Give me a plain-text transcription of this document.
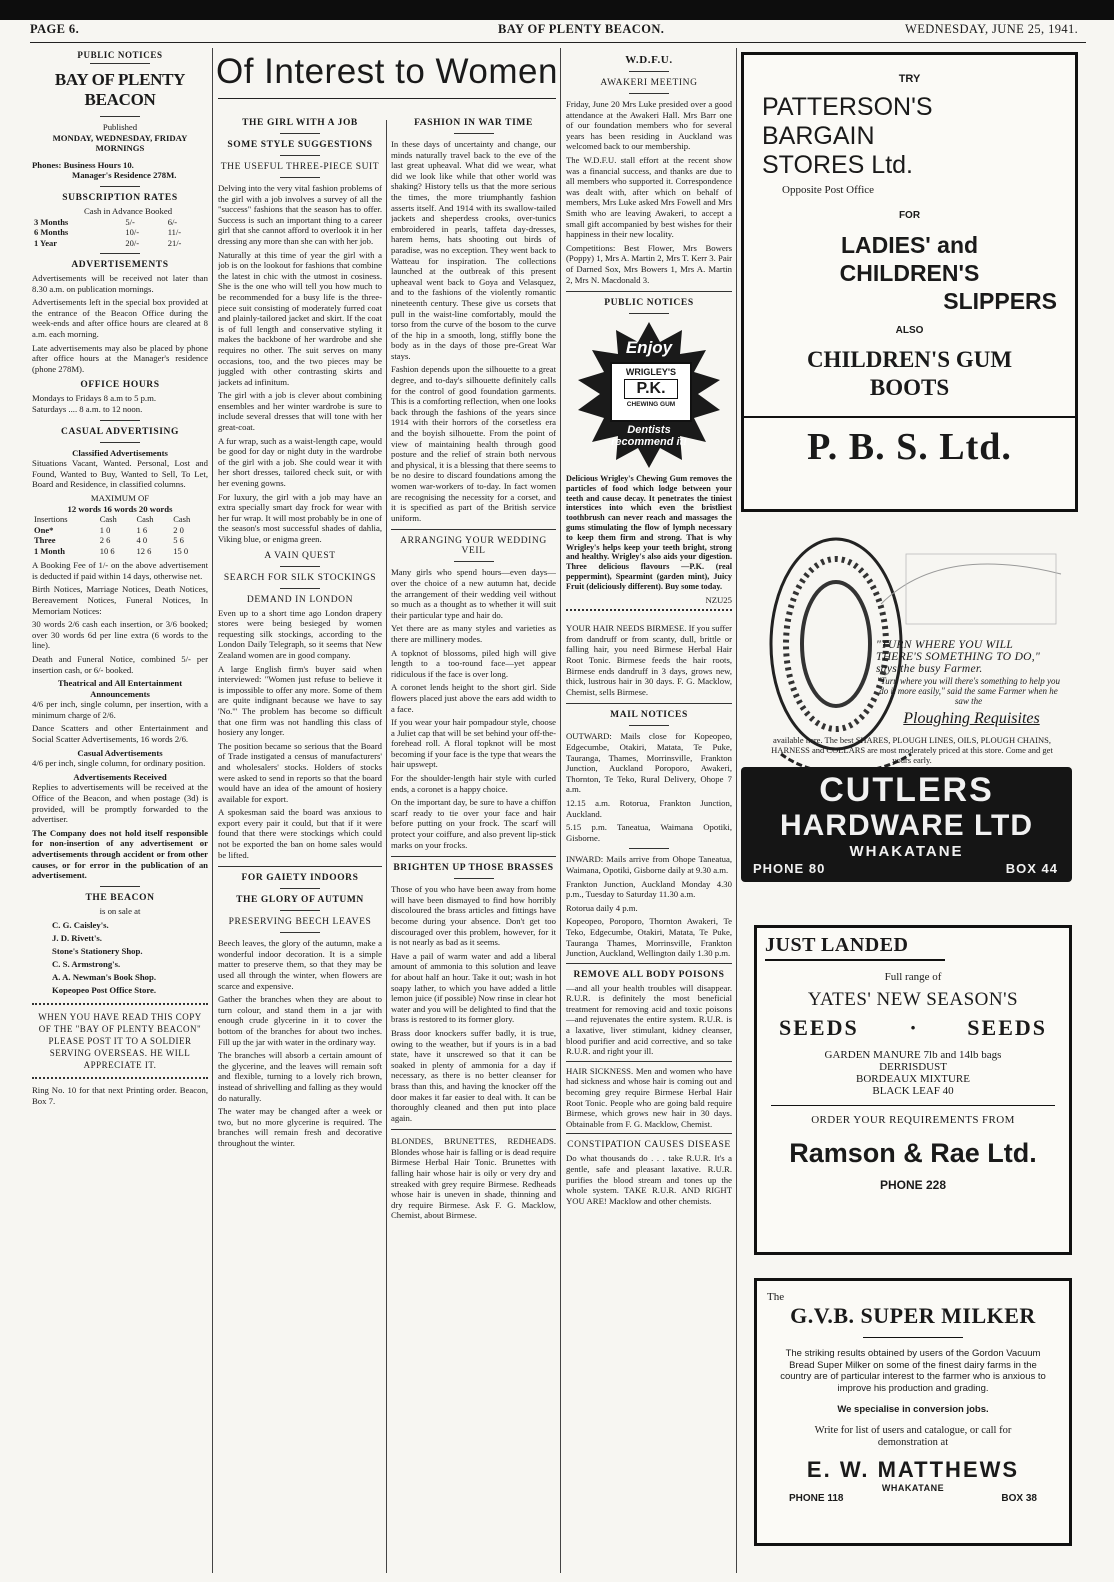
PAGE 6.	BAY OF PLENTY BEACON.	WEDNESDAY, JUNE 25, 1941.
PUBLIC NOTICES
BAY OF PLENTY BEACON
Published
MONDAY, WEDNESDAY, FRIDAY
MORNINGS
Phones: Business Hours 10.
Manager's Residence 278M.
SUBSCRIPTION RATES
Cash in Advance Booked
3 Months	5/-	6/-
6 Months	10/-	11/-
1 Year	20/-	21/-
ADVERTISEMENTS

Advertisements will be received not later than 8.30 a.m. on publication mornings.

Advertisements left in the special box provided at the entrance of the Beacon Office during the week-ends and after office hours are cleared at 8 a.m. each morning.

Late advertisements may also be placed by phone after office hours at the Manager's residence (phone 278M).

OFFICE HOURS
Mondays to Fridays 8 a.m to 5 p.m.
Saturdays .... 8 a.m. to 12 noon.
CASUAL ADVERTISING
Classified Advertisements

Situations Vacant, Wanted. Personal, Lost and Found, Wanted to Buy, Wanted to Sell, To Let, Board and Residence, in classified columns.

MAXIMUM OF
12 words 16 words 20 words
Insertions	Cash	Cash	Cash
One*	1 0	1 6	2 0
Three	2 6	4 0	5 6
1 Month	10 6	12 6	15 0

A Booking Fee of 1/- on the above advertisement is deducted if paid within 14 days, otherwise net.

Birth Notices, Marriage Notices, Death Notices, Bereavement Notices, Funeral Notices, In Memoriam Notices:

30 words 2/6 cash each insertion, or 3/6 booked; over 30 words 6d per line extra (6 words to the line).

Death and Funeral Notice, combined 5/- per insertion cash, or 6/- booked.

Theatrical and All Entertainment Announcements

4/6 per inch, single column, per insertion, with a minimum charge of 2/6.

Dance Scatters and other Entertainment and Social Scatter Advertisements, 16 words 2/6.

Casual Advertisements

4/6 per inch, single column, for ordinary position.

Advertisements Received

Replies to advertisements will be received at the Office of the Beacon, and when postage (3d) is provided, will be promptly forwarded to the advertiser.

The Company does not hold itself responsible for non-insertion of any advertisement or advertisements through accident or from other causes, or for error in the publication of an advertisement.

THE BEACON
is on sale at
C. G. Caisley's.
J. D. Rivett's.
Stone's Stationery Shop.
C. S. Armstrong's.
A. A. Newman's Book Shop.
Kopeopeo Post Office Store.

WHEN YOU HAVE READ THIS COPY OF THE "BAY OF PLENTY BEACON" PLEASE POST IT TO A SOLDIER SERVING OVERSEAS. HE WILL APPRECIATE IT.

Ring No. 10 for that next Printing order. Beacon, Box 7.

Of Interest to Women
THE GIRL WITH A JOB
SOME STYLE SUGGESTIONS
THE USEFUL THREE-PIECE SUIT

Delving into the very vital fashion problems of the girl with a job involves a survey of all the "success" fashions that the season has to offer. Success is such an important thing to a career girl that she cannot afford to overlook it in her dressing any more than she can with her job.

Naturally at this time of year the girl with a job is on the lookout for fashions that combine the latest in chic with the utmost in cosiness. She is the one who will tell you how much to be recommended for a busy life is the three-piece suit consisting of moderately furred coat and plainly-tailored jacket and skirt. If the coat is of full length and conservative styling it makes the backbone of her wardrobe and she requires no other. The suit serves on many occasions, too, and the two pieces may be juggled with other contrasting skirts and jackets ad infinitum.

The girl with a job is clever about combining ensembles and her winter wardrobe is sure to include several dresses that will tone with her great-coat.

A fur wrap, such as a waist-length cape, would be good for day or night duty in the wardrobe of the girl with a job. She could wear it with her short dresses, tailored check suit, or with her evening gowns.

For luxury, the girl with a job may have an extra specially smart day frock for wear with her fur wrap. It will most probably be in one of the season's most successful shades of dahlia, Viking blue, or enigma green.

A VAIN QUEST
SEARCH FOR SILK STOCKINGS
DEMAND IN LONDON

Even up to a short time ago London drapery stores were being besieged by women requesting silk stockings, according to the London Daily Telegraph, so it seems that New Zealand women are in good company.

A large English firm's buyer said when interviewed: "Women just refuse to believe it is impossible to offer any more. Some of them are quite indignant because we have to say 'No.'" The problem has become so difficult that one firm was not handling this class of hosiery any longer.

The position became so serious that the Board of Trade instigated a census of manufacturers' and wholesalers' stocks. Holders of stocks were asked to send in reports so that the board would have an idea of the amount of hosiery available for export.

A spokesman said the board was anxious to export every pair it could, but that if it were found that there were stockings which could not be exported the ban on home sales would be lifted.

FOR GAIETY INDOORS
THE GLORY OF AUTUMN
PRESERVING BEECH LEAVES

Beech leaves, the glory of the autumn, make a wonderful indoor decoration. It is a simple matter to preserve them, so that they may be used all through the winter, when flowers are scarce and expensive.

Gather the branches when they are about to turn colour, and stand them in a jar with enough crude glycerine in it to cover the bottom of the branches for about two inches. Fill up the jar with water in the ordinary way.

The branches will absorb a certain amount of the glycerine, and the leaves will remain soft and flexible, turning to a lovely rich brown, instead of shrivelling and falling as they would do naturally.

The water may be changed after a week or two, but no more glycerine is required. The branches will remain fresh and decorative throughout the winter.

FASHION IN WAR TIME

In these days of uncertainty and change, our minds naturally travel back to the eve of the last great upheaval. What did we wear, what did we look like while that other world was shaking? History tells us that the more serious the times, the more triumphantly fashion asserts itself. And 1914 with its swallow-tailed jackets and sheperdess crooks, over-tunics embroidered in pearls, taffeta day-dresses, harem hems, hats shooting out birds of paradise, was no exception. They went back to Watteau for inspiration. The collections launched at the outbreak of this present upheaval went back to Goya and Velasquez, and to the fashions of the violently romantic nineteenth century. These give us corsets that pull in the waist-line comfortably, mould the torso from the curve of the bosom to the curve of the hip in a smooth, long, stiffly bone the body as in the days of those pre-Great War stays.

Fashion depends upon the silhouette to a great degree, and to-day's silhouette definitely calls for the control of good foundation garments. This is a comforting reflection, when one looks back through the fashions of the years since 1914 with their horrors of the corsetless era and the boyish silhouette. From the point of view of maintaining health through good posture and the relief of strain both nervous and physical, it is a blessing that there seems to be no desire to discard foundations among the women war-workers of to-day. In fact women are recognising the necessity for a corset, and it is specified as part of the British service uniform.

ARRANGING YOUR WEDDING VEIL

Many girls who spend hours—even days—over the choice of a new autumn hat, decide the arrangement of their wedding veil without so much as a thought as to whether it will suit their particular type and hair do.

Yet there are as many styles and varieties as there are millinery modes.

A topknot of blossoms, piled high will give length to a too-round face—yet appear ridiculous if the face is over long.

A coronet lends height to the short girl. Side flowers placed just above the ears add width to a face.

If you wear your hair pompadour style, choose a Juliet cap that will be set behind your off-the-forehead roll. A floral topknot will be most becoming if your face is the type that wears the hair upswept.

For the shoulder-length hair style with curled ends, a coronet is a happy choice.

On the important day, be sure to have a chiffon scarf ready to tie over your face and hair before putting on your frock. The scarf will protect your coiffure, and also prevent lip-stick marks on your frocks.

BRIGHTEN UP THOSE BRASSES

Those of you who have been away from home will have been dismayed to find how horribly discoloured the brass articles and fittings have become during your absence. Don't get too discouraged over this problem, however, for it is not nearly as bad as it seems.

Have a pail of warm water and add a liberal amount of ammonia to this solution and leave for about half an hour. Take it out; wash in hot soapy lather, to which you have added a little lemon juice (if possible) Now rinse in clear hot water and you will be delighted to find that the brass is restored to its former glory.

Brass door knockers suffer badly, it is true, owing to the weather, but if yours is in a bad state, have it unscrewed so that it can be soaked in plenty of ammonia for a day if necessary, as there is no better cleanser for brass than this, and having the knocker off the door makes it far easier to deal with. It can be thoroughly cleaned and then put into place again.

BLONDES, BRUNETTES, REDHEADS. Blondes whose hair is falling or is dead require Birmese Herbal Hair Tonic. Brunettes with falling hair whose hair is oily or very dry and streaked with grey require Birmese. Redheads whose hair is uneven in shade, thinning and dry require Birmese. Ask F. G. Macklow, Chemist, about Birmese.

W.D.F.U.
AWAKERI MEETING

Friday, June 20 Mrs Luke presided over a good attendance at the Awakeri Hall. Mrs Barr one of our foundation members who for several years has been residing in Auckland was welcomed back to our membership.

The W.D.F.U. stall effort at the recent show was a financial success, and thanks are due to all members who supported it. Correspondence was dealt with, after which on behalf of members, Mrs Luke asked Mrs Fowell and Mrs Smith who are leaving Awakeri, to accept a small gift accompanied by best wishes for their happiness in their new locality.

Competitions: Best Flower, Mrs Bowers (Poppy) 1, Mrs A. Martin 2, Mrs T. Kerr 3. Pair of Darned Sox, Mrs Bowers 1, Mrs A. Martin 2, Mrs N. Macdonald 3.

PUBLIC NOTICES
Enjoy
WRIGLEY'S
P.K.
CHEWING GUM
Dentists recommend it!

Delicious Wrigley's Chewing Gum removes the particles of food which lodge between your teeth and cause decay. It penetrates the tiniest interstices into which even the bristliest toothbrush can never reach and massages the gums stimulating the flow of lymph necessary to keep them firm and strong. That is why Wrigley's helps keep your teeth bright, strong and healthy. Wrigley's also aids your digestion. Three delicious flavours —P.K. (real peppermint), Spearmint (garden mint), Juicy Fruit (deliciously different). Buy some today.

NZU25

YOUR HAIR NEEDS BIRMESE. If you suffer from dandruff or from scanty, dull, brittle or falling hair, you need Birmese Herbal Hair Root Tonic. Birmese feeds the hair roots, Birmese ends dandruff in 3 days, grows new, thick, lustrous hair in 30 days. F. G. Macklow, Chemist, sells Birmese.

MAIL NOTICES

OUTWARD: Mails close for Kopeopeo, Edgecumbe, Otakiri, Matata, Te Puke, Tauranga, Thames, Morrinsville, Frankton Junction, Auckland Poroporo, Awakeri, Thornton, Te Teko, Rural Delivery, Ohope 7 a.m.

12.15 a.m. Rotorua, Frankton Junction, Auckland.

5.15 p.m. Taneatua, Waimana Opotiki, Gisborne.

INWARD: Mails arrive from Ohope Taneatua, Waimana, Opotiki, Gisborne daily at 9.30 a.m.

Frankton Junction, Auckland Monday 4.30 p.m., Tuesday to Saturday 11.30 a.m.

Rotorua daily 4 p.m.

Kopeopeo, Poroporo, Thornton Awakeri, Te Teko, Edgecumbe, Otakiri, Matata, Te Puke, Tauranga Thames, Morrinsville, Frankton Junction, Auckland, Wellington daily 1.30 p.m.

REMOVE ALL BODY POISONS

—and all your health troubles will disappear. R.U.R. is definitely the most beneficial treatment for removing acid and toxic poisons—and rejuvenates the entire system. R.U.R. is a laxative, liver stimulant, kidney cleanser, blood purifier and acid corrective, and so take R.U.R. and right your ill.

HAIR SICKNESS. Men and women who have had sickness and whose hair is coming out and becoming grey require Birmese Herbal Hair Root Tonic. People who are going bald require Birmese, which grows new hair in 30 days. Obtainable from F. G. Macklow, Chemist.

CONSTIPATION CAUSES DISEASE

Do what thousands do . . . take R.U.R. It's a gentle, safe and pleasant laxative. R.U.R. purifies the blood stream and tones up the whole system. TAKE R.U.R. AND RIGHT YOU ARE! Macklow and other chemists.

TRY
PATTERSON'S
BARGAIN
STORES Ltd.
Opposite Post Office
FOR
LADIES' and
CHILDREN'S
SLIPPERS
ALSO
CHILDREN'S GUM
BOOTS
P. B. S. Ltd.
"TURN WHERE YOU WILL THERE'S SOMETHING TO DO," says the busy Farmer.
"Turn where you will there's something to help you do it more easily," said the same Farmer when he saw the
Ploughing Requisites
available here. The best SHARES, PLOUGH LINES, OILS, PLOUGH CHAINS, HARNESS and COLLARS are most moderately priced at this store. Come and get yours early.
CUTLERS
HARDWARE LTD
WHAKATANE
PHONE 80	BOX 44
JUST LANDED
Full range of
YATES' NEW SEASON'S
SEEDS · SEEDS
GARDEN MANURE 7lb and 14lb bags
DERRISDUST
BORDEAUX MIXTURE
BLACK LEAF 40
ORDER YOUR REQUIREMENTS FROM
Ramson & Rae Ltd.
PHONE 228
The
G.V.B. SUPER MILKER
The striking results obtained by users of the Gordon Vacuum Bread Super Milker on some of the finest dairy farms in the country are of particular interest to the farmer who is anxious to improve his production and grading.
We specialise in conversion jobs.
Write for list of users and catalogue, or call for demonstration at
E. W. MATTHEWS
WHAKATANE
PHONE 118	BOX 38
